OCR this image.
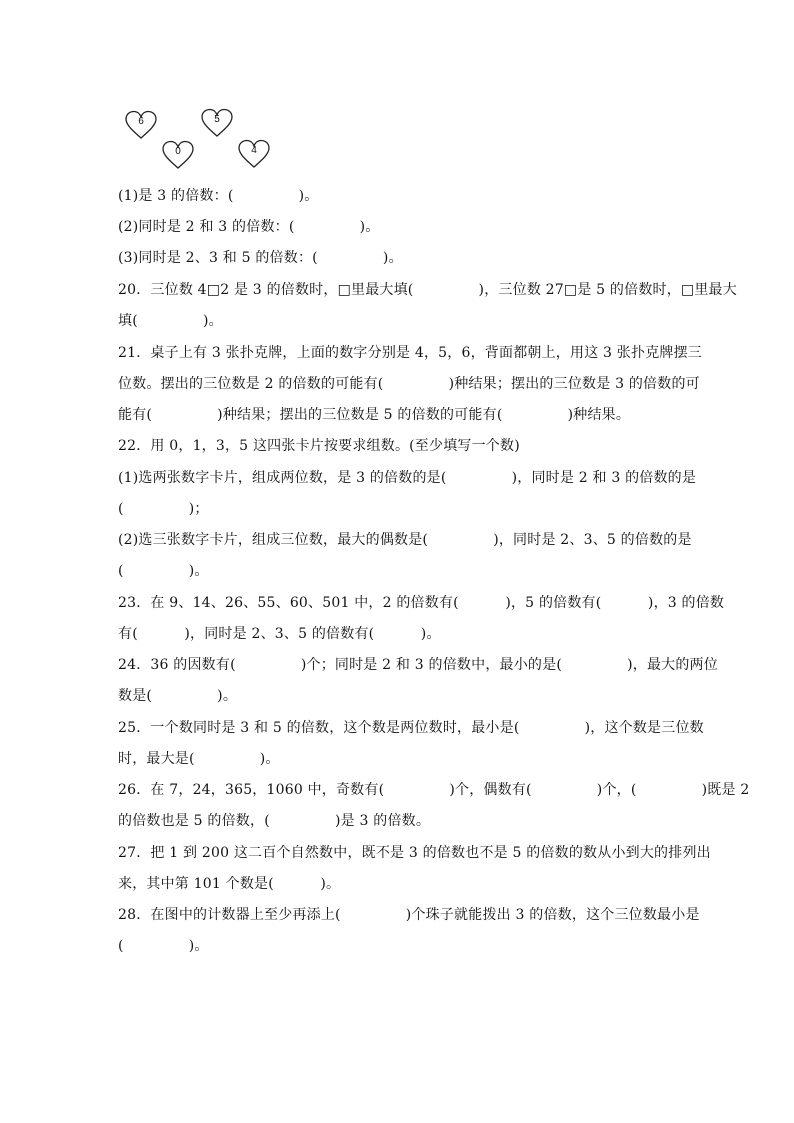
6	5
0	4
(1)是 3 的倍数：(              )。
(2)同时是 2 和 3 的倍数：(              )。
(3)同时是 2、3 和 5 的倍数：(              )。
20．三位数 4□2 是 3 的倍数时，□里最大填(              )，三位数 27□是 5 的倍数时，□里最大
填(              )。
21．桌子上有 3 张扑克牌，上面的数字分别是 4，5，6，背面都朝上，用这 3 张扑克牌摆三
位数。摆出的三位数是 2 的倍数的可能有(              )种结果；摆出的三位数是 3 的倍数的可
能有(              )种结果；摆出的三位数是 5 的倍数的可能有(              )种结果。
22．用 0，1，3，5 这四张卡片按要求组数。(至少填写一个数)
(1)选两张数字卡片，组成两位数，是 3 的倍数的是(              )，同时是 2 和 3 的倍数的是
(              )；
(2)选三张数字卡片，组成三位数，最大的偶数是(              )，同时是 2、3、5 的倍数的是
(              )。
23．在 9、14、26、55、60、501 中，2 的倍数有(          )，5 的倍数有(          )，3 的倍数
有(          )，同时是 2、3、5 的倍数有(          )。
24．36 的因数有(              )个；同时是 2 和 3 的倍数中，最小的是(              )，最大的两位
数是(              )。
25．一个数同时是 3 和 5 的倍数，这个数是两位数时，最小是(              )，这个数是三位数
时，最大是(              )。
26．在 7，24，365，1060 中，奇数有(              )个，偶数有(              )个，(              )既是 2
的倍数也是 5 的倍数，(              )是 3 的倍数。
27．把 1 到 200 这二百个自然数中，既不是 3 的倍数也不是 5 的倍数的数从小到大的排列出
来，其中第 101 个数是(          )。
28．在图中的计数器上至少再添上(              )个珠子就能拨出 3 的倍数，这个三位数最小是
(              )。
